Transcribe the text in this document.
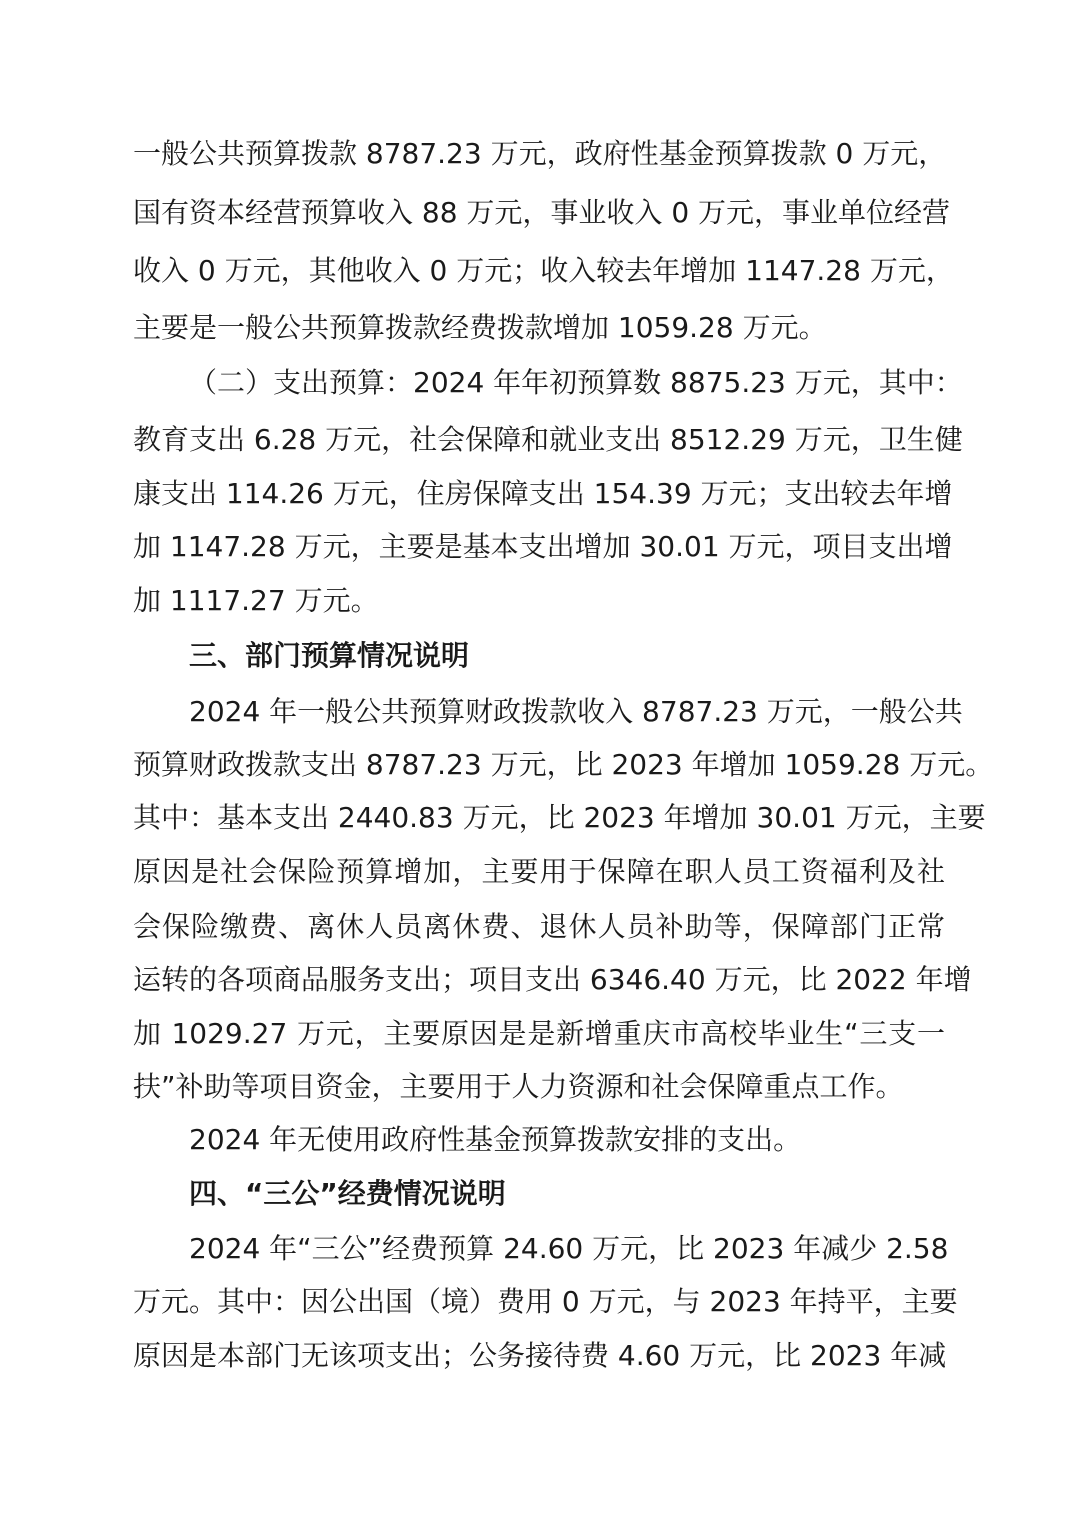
一般公共预算拨款 8787.23 万元，政府性基金预算拨款 0 万元，
国有资本经营预算收入 88 万元，事业收入 0 万元，事业单位经营
收入 0 万元，其他收入 0 万元；收入较去年增加 1147.28 万元，
主要是一般公共预算拨款经费拨款增加 1059.28 万元。
（二）支出预算：2024 年年初预算数 8875.23 万元，其中：
教育支出 6.28 万元，社会保障和就业支出 8512.29 万元，卫生健
康支出 114.26 万元，住房保障支出 154.39 万元；支出较去年增
加 1147.28 万元，主要是基本支出增加 30.01 万元，项目支出增
加 1117.27 万元。
三、部门预算情况说明
2024 年一般公共预算财政拨款收入 8787.23 万元，一般公共
预算财政拨款支出 8787.23 万元，比 2023 年增加 1059.28 万元。
其中：基本支出 2440.83 万元，比 2023 年增加 30.01 万元，主要
原因是社会保险预算增加，主要用于保障在职人员工资福利及社
会保险缴费、离休人员离休费、退休人员补助等，保障部门正常
运转的各项商品服务支出；项目支出 6346.40 万元，比 2022 年增
加 1029.27 万元，主要原因是是新增重庆市高校毕业生“三支一
扶”补助等项目资金，主要用于人力资源和社会保障重点工作。
2024 年无使用政府性基金预算拨款安排的支出。
四、“三公”经费情况说明
2024 年“三公”经费预算 24.60 万元，比 2023 年减少 2.58
万元。其中：因公出国（境）费用 0 万元，与 2023 年持平，主要
原因是本部门无该项支出；公务接待费 4.60 万元，比 2023 年减
